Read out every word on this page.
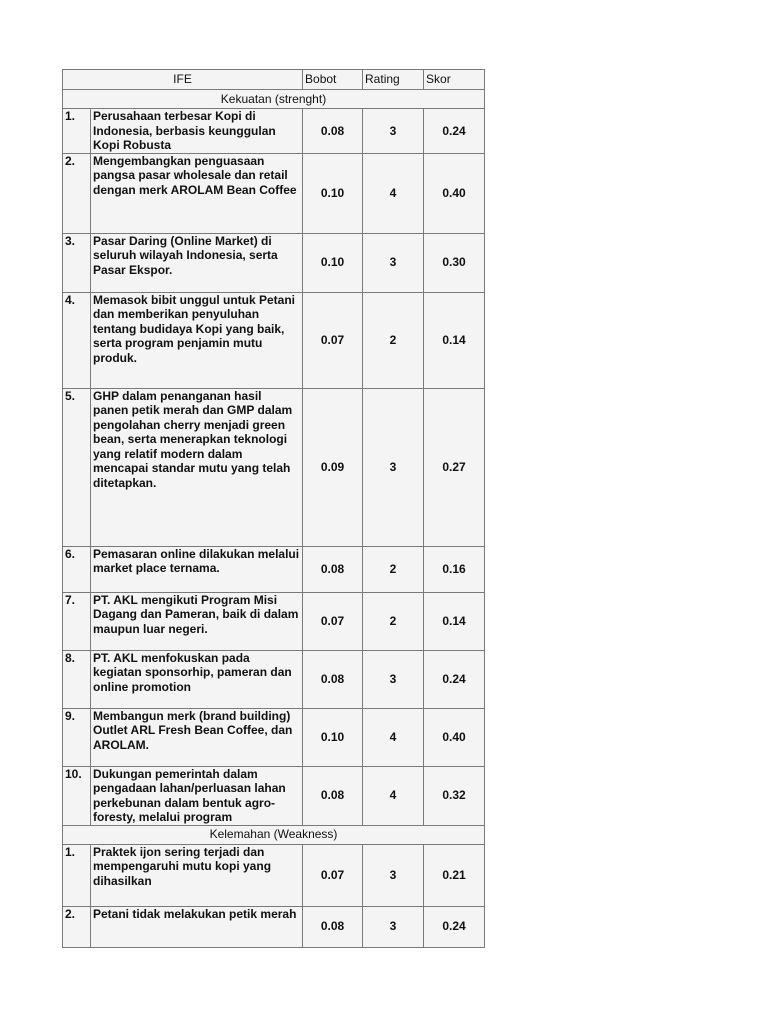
IFE		Bobot	Rating	Skor
Kekuatan (strenght)				
1.	Perusahaan terbesar Kopi di Indonesia, berbasis keunggulan Kopi Robusta	0.08	3	0.24
2.	Mengembangkan penguasaan pangsa pasar wholesale dan retail dengan merk AROLAM Bean Coffee	0.10	4	0.40
3.	Pasar Daring (Online Market) di seluruh wilayah Indonesia, serta Pasar Ekspor.	0.10	3	0.30
4.	Memasok bibit unggul untuk Petani dan memberikan penyuluhan tentang budidaya Kopi yang baik, serta program penjamin mutu produk.	0.07	2	0.14
5.	GHP dalam penanganan hasil panen petik merah dan GMP dalam pengolahan cherry menjadi green bean, serta menerapkan teknologi yang relatif modern dalam mencapai standar mutu yang telah ditetapkan.	0.09	3	0.27
6.	Pemasaran online dilakukan melalui market place ternama.	0.08	2	0.16
7.	PT. AKL mengikuti Program Misi Dagang dan Pameran, baik di dalam maupun luar negeri.	0.07	2	0.14
8.	PT. AKL menfokuskan pada kegiatan sponsorhip, pameran dan online promotion	0.08	3	0.24
9.	Membangun merk (brand building) Outlet ARL Fresh Bean Coffee, dan AROLAM.	0.10	4	0.40
10.	Dukungan pemerintah dalam pengadaan lahan/perluasan lahan perkebunan dalam bentuk agro-foresty, melalui program	0.08	4	0.32
Kelemahan (Weakness)				
1.	Praktek ijon sering terjadi dan mempengaruhi mutu kopi yang dihasilkan	0.07	3	0.21
2.	Petani tidak melakukan petik merah	0.08	3	0.24
